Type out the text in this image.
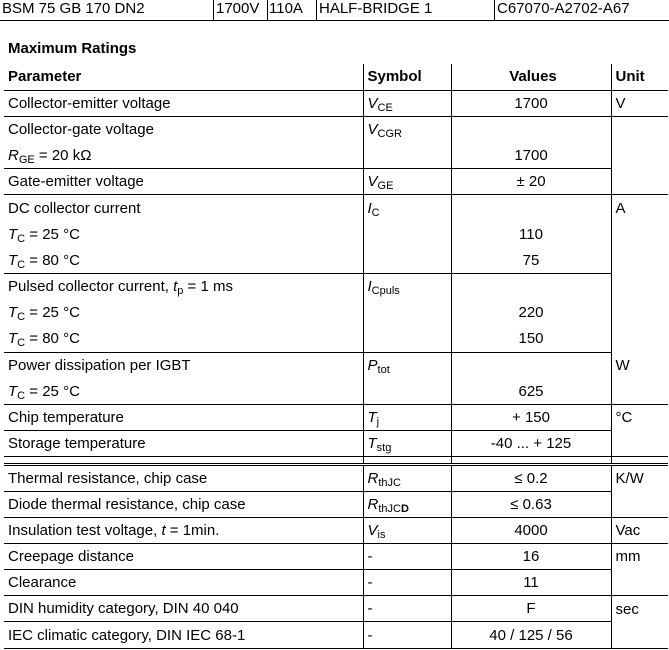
BSM 75 GB 170 DN2	1700V 110A	HALF-BRIDGE 1	C67070-A2702-A67
Maximum Ratings
Parameter	Symbol	Values	Unit
Collector-emitter voltage	$V_{CE}$	1700	V
Collector-gate voltage	$V_{CGR}$		
$R_{GE} = 20$ kΩ		1700	
Gate-emitter voltage	$V_{GE}$	± 20	
DC collector current	$I_C$		A
$T_C = 25$ °C		110	
$T_C = 80$ °C		75	
Pulsed collector current, $t_p = 1$ ms	$I_{Cpuls}$		
$T_C = 25$ °C		220	
$T_C = 80$ °C		150	
Power dissipation per IGBT	$P_{tot}$		W
$T_C = 25$ °C		625	
Chip temperature	$T_j$	+ 150	°C
Storage temperature	$T_{stg}$	-40 ... + 125	

Thermal resistance, chip case	$R_{thJC}$	≤ 0.2	K/W
Diode thermal resistance, chip case	$R_{thJCD}$	≤ 0.63	
Insulation test voltage, t = 1min.	$V_{is}$	4000	Vac
Creepage distance	-	16	mm
Clearance	-	11	
DIN humidity category, DIN 40 040	-	F	sec
IEC climatic category, DIN IEC 68-1	-	40 / 125 / 56	
